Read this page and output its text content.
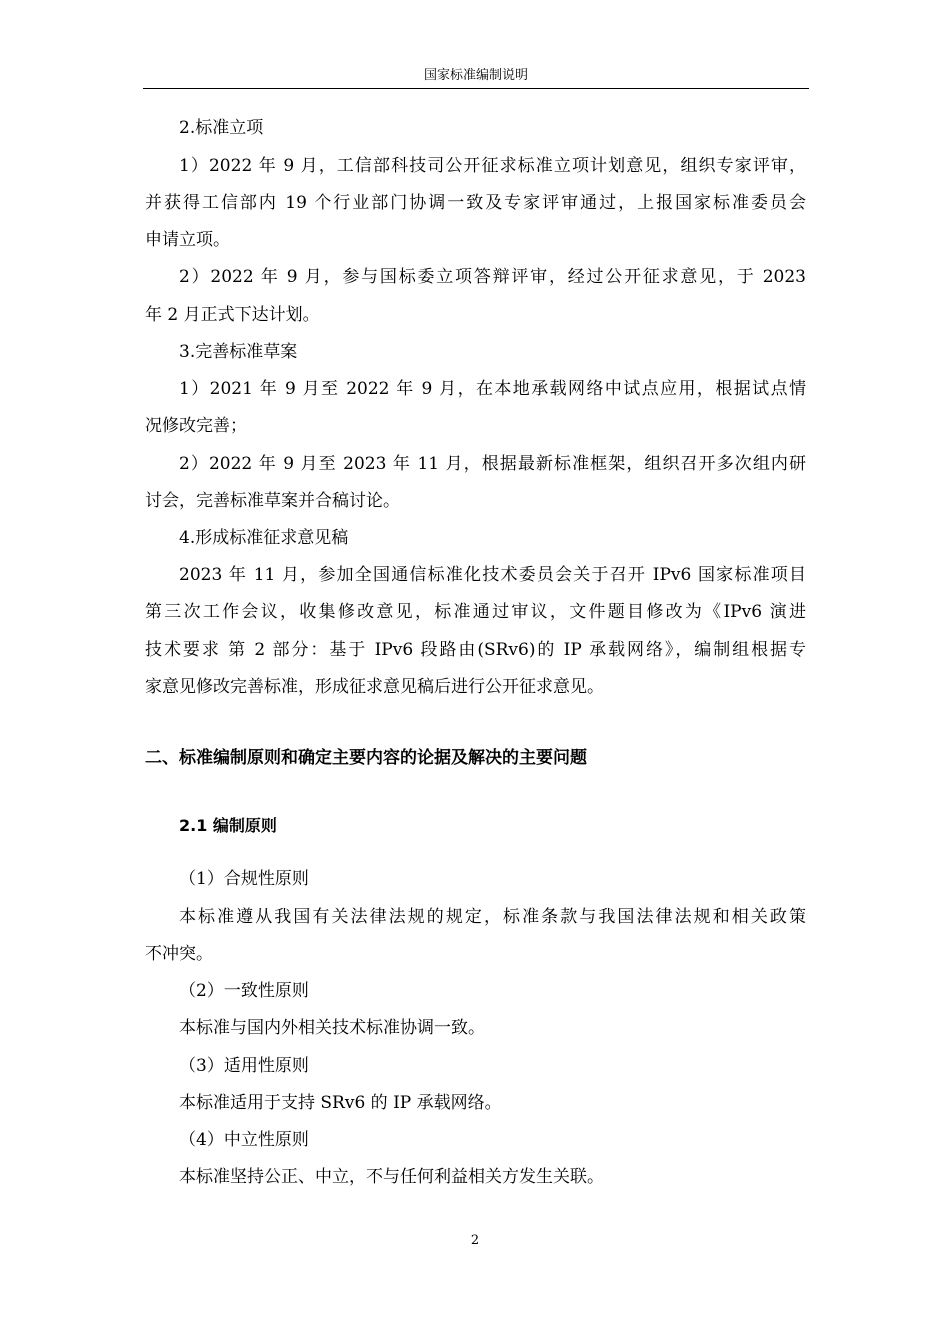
国家标准编制说明
2.标准立项
1）2022 年 9 月，工信部科技司公开征求标准立项计划意见，组织专家评审，
并获得工信部内 19 个行业部门协调一致及专家评审通过，上报国家标准委员会
申请立项。
2）2022 年 9 月，参与国标委立项答辩评审，经过公开征求意见，于 2023
年 2 月正式下达计划。
3.完善标准草案
1）2021 年 9 月至 2022 年 9 月，在本地承载网络中试点应用，根据试点情
况修改完善；
2）2022 年 9 月至 2023 年 11 月，根据最新标准框架，组织召开多次组内研
讨会，完善标准草案并合稿讨论。
4.形成标准征求意见稿
2023 年 11 月，参加全国通信标准化技术委员会关于召开 IPv6 国家标准项目
第三次工作会议，收集修改意见，标准通过审议，文件题目修改为《IPv6 演进
技术要求 第 2 部分：基于 IPv6 段路由(SRv6)的 IP 承载网络》，编制组根据专
家意见修改完善标准，形成征求意见稿后进行公开征求意见。
二、标准编制原则和确定主要内容的论据及解决的主要问题
2.1 编制原则
（1）合规性原则
本标准遵从我国有关法律法规的规定，标准条款与我国法律法规和相关政策
不冲突。
（2）一致性原则
本标准与国内外相关技术标准协调一致。
（3）适用性原则
本标准适用于支持 SRv6 的 IP 承载网络。
（4）中立性原则
本标准坚持公正、中立，不与任何利益相关方发生关联。
2
